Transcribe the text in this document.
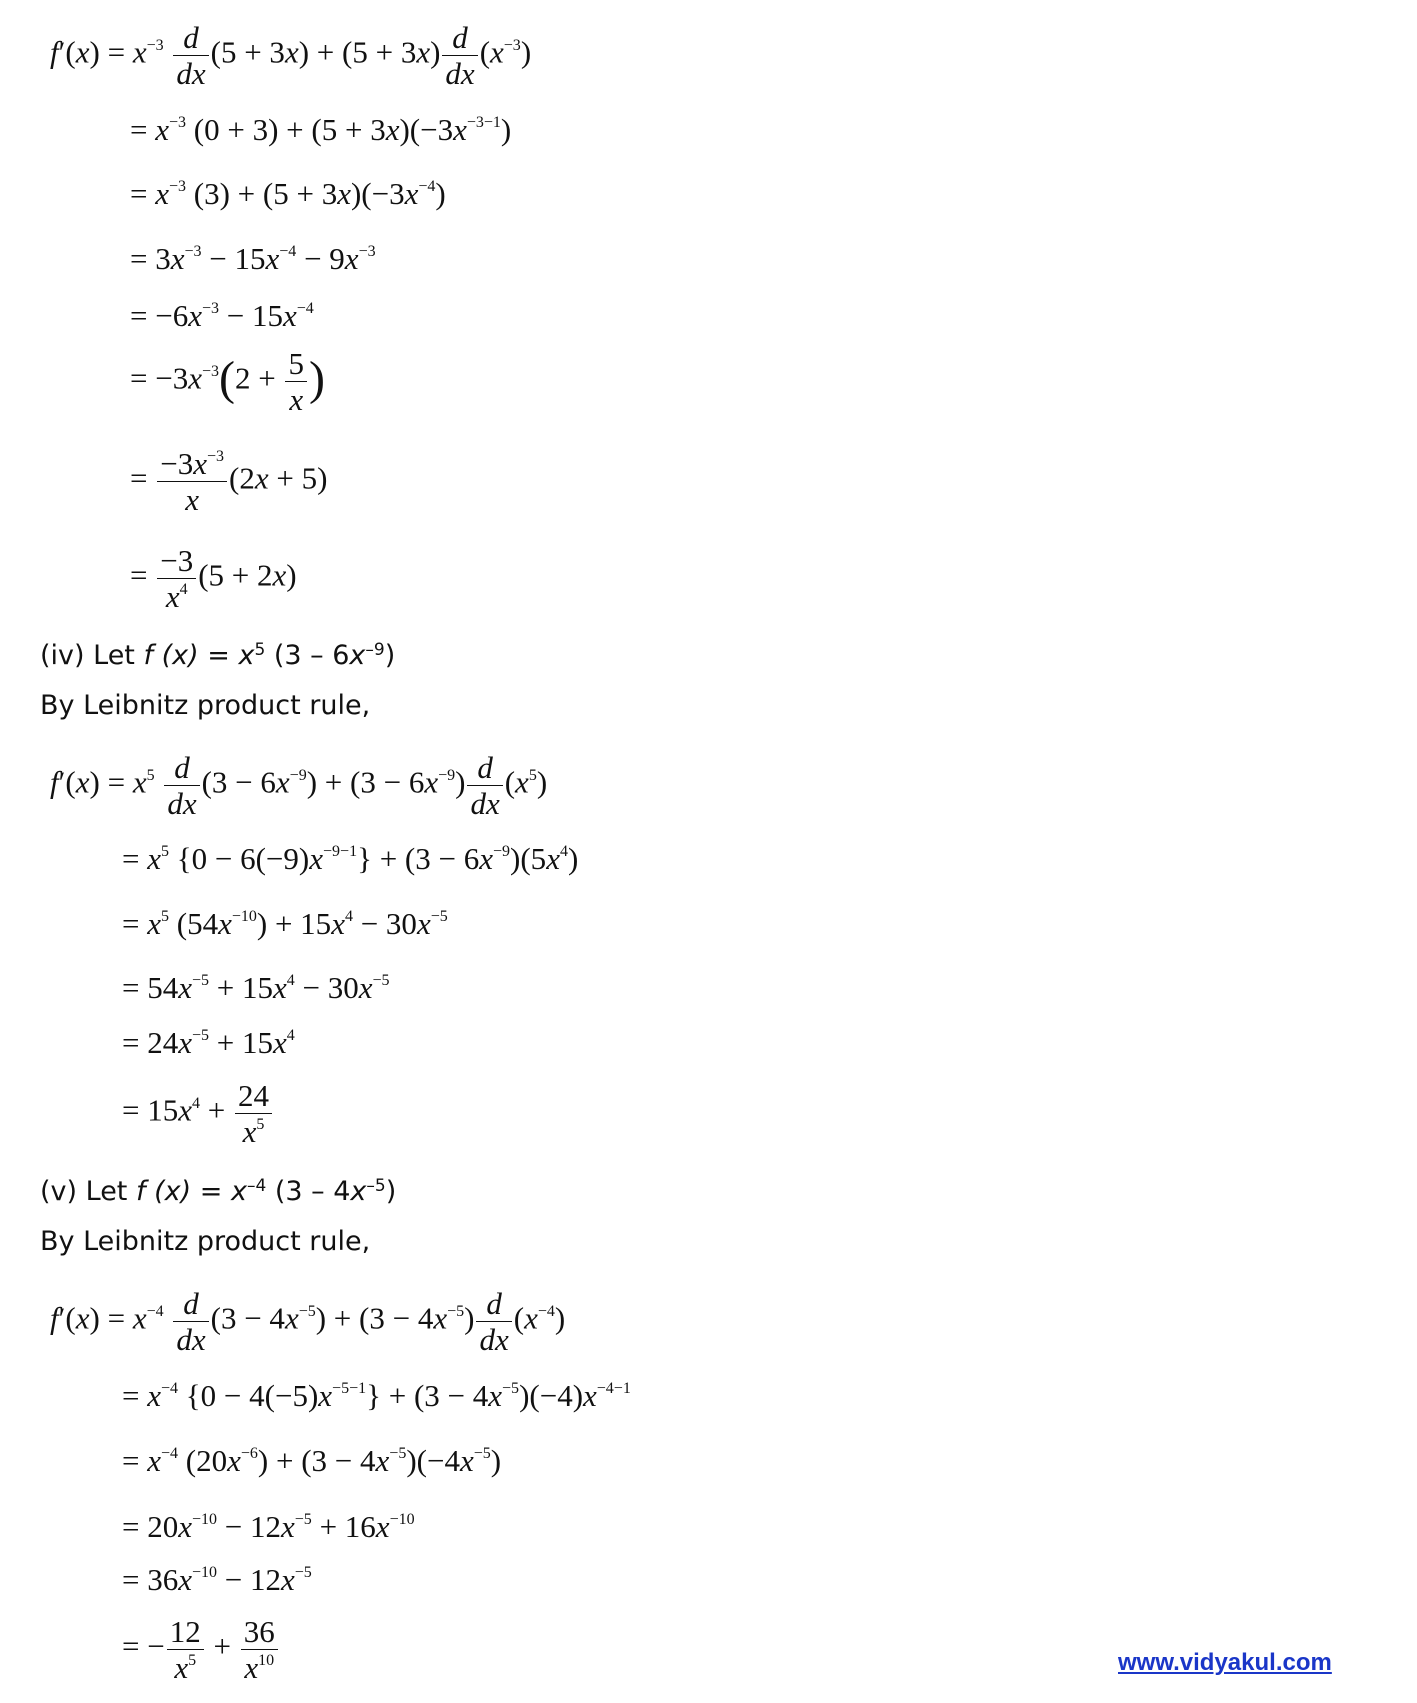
$f'(x) = x^{-3} \frac{d}{dx} (5 + 3x) + (5 + 3x) \frac{d}{dx} (x^{-3})$
= $x^{-3}$ $(0 + 3) + (5 + 3x)(-3x^{-3-1})$
= $x^{-3}$ $(3) + (5 + 3x)(-3x^{-4})$
= $3x^{-3} - 15x^{-4} - 9x^{-3}$
= $-6x^{-3} - 15x^{-4}$
= $-3x^{-3}(2 + \frac{5}{x}$ )
= $\frac{-3x^{-3}}{x} (2x + 5)$
= $\frac{-3}{x^4} (5 + 2x)$
(iv) Let f $(x) = x^5$ $(3 - 6x^{-9})$
By Leibnitz product rule,
$f'(x) = x^5 \frac{d}{dx} (3 - 6x^{-9}) + (3 - 6x^{-9}) \frac{d}{dx} (x^5)$
= $x^5$ $\{0 - 6(-9)x^{-9-1}\} + (3 - 6x^{-9})(5x^4)$
= $x^5$ $(54x^{-10}) + 15x^4 - 30x^{-5}$
= $54x^{-5} + 15x^4 - 30x^{-5}$
= $24x^{-5} + 15x^4$
= $15x^4 + \frac{24}{x^5}$
(v) Let f $(x) = x^{-4}$ $(3 - 4x^{-5})$
By Leibnitz product rule,
$f'(x) = x^{-4} \frac{d}{dx} (3 - 4x^{-5}) + (3 - 4x^{-5}) \frac{d}{dx} (x^{-4})$
= $x^{-4}$ $\{0 - 4(-5)x^{-5-1}\} + (3 - 4x^{-5})(-4)x^{-4-1}$
= $x^{-4}$ $(20x^{-6}) + (3 - 4x^{-5})(-4x^{-5})$
= $20x^{-10} - 12x^{-5} + 16x^{-10}$
= $36x^{-10} - 12x^{-5}$
= − $\frac{12}{x^5} + \frac{36}{x^{10}}$	www.vidyakul.com
